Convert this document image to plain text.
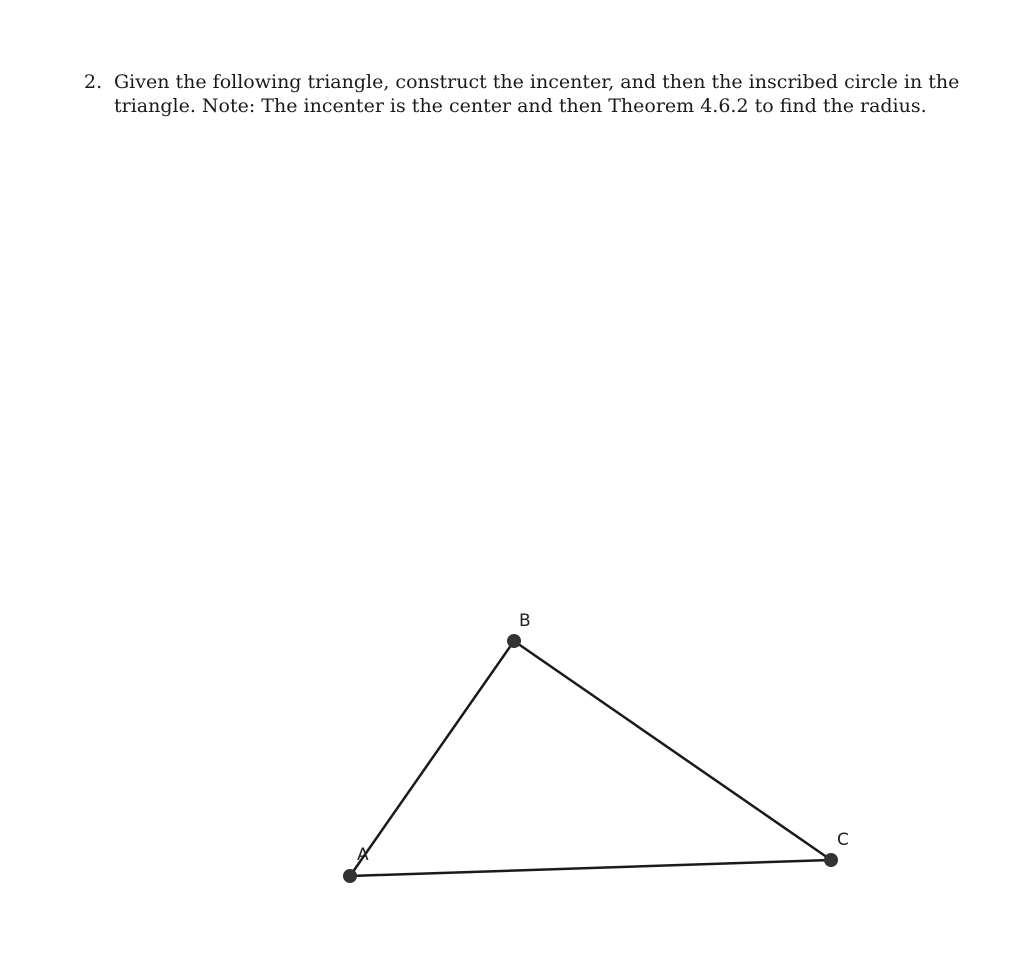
2. Given the following triangle, construct the incenter, and then the inscribed circle in the triangle. Note: The incenter is the center and then Theorem 4.6.2 to find the radius.
A
B
C
